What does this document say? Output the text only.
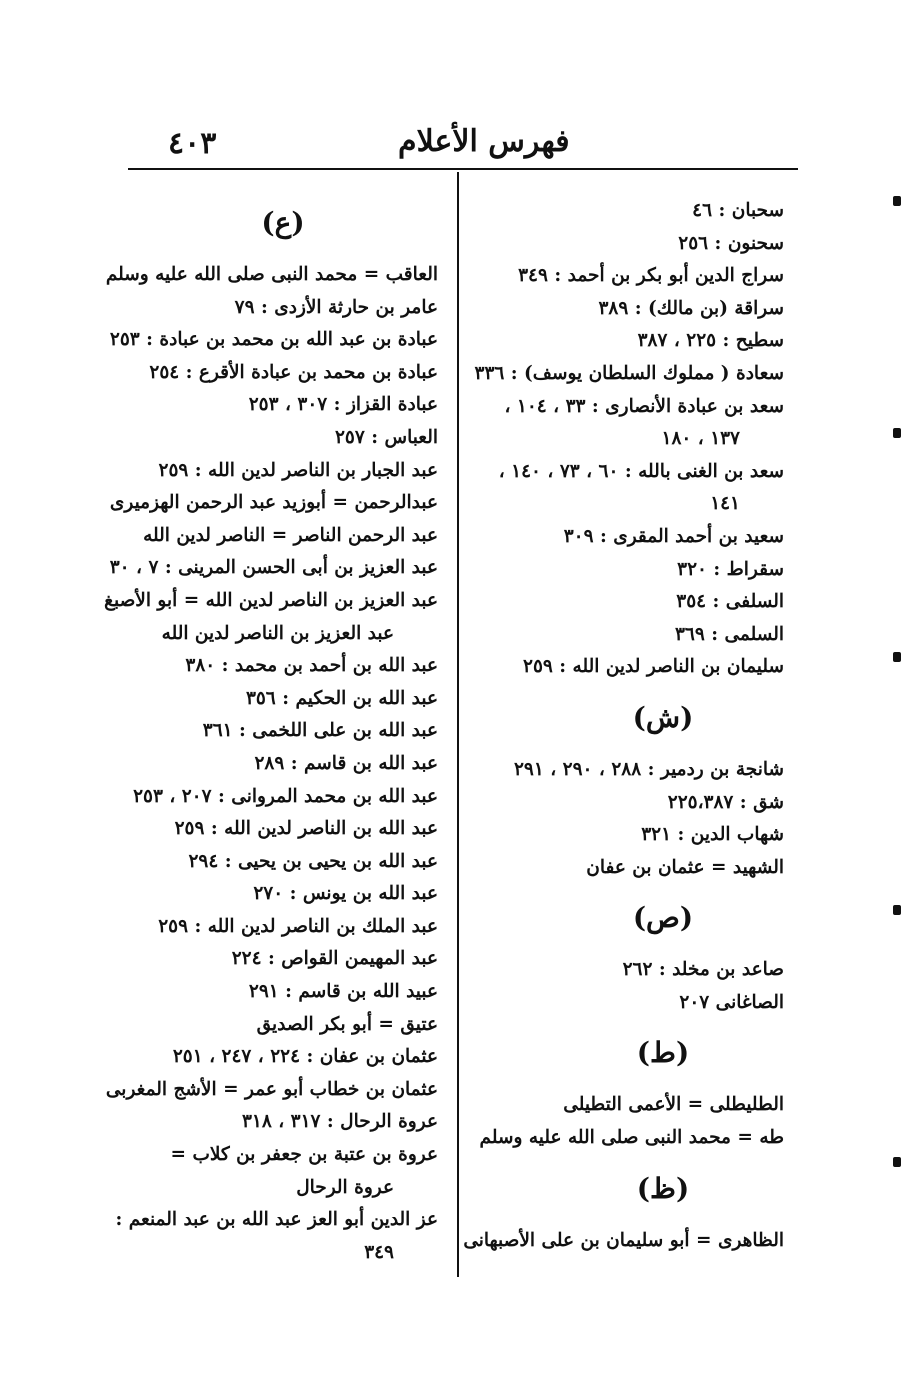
٤٠٣	فهرس الأعلام
سحبان : ٤٦
سحنون : ٢٥٦
سراج الدين أبو بكر بن أحمد : ٣٤٩
سراقة (بن مالك) : ٣٨٩
سطيح : ٢٢٥ ، ٣٨٧
سعادة ( مملوك السلطان يوسف) : ٣٣٦
سعد بن عبادة الأنصارى : ٣٣ ، ١٠٤ ،
١٣٧ ، ١٨٠
سعد بن الغنى بالله : ٦٠ ، ٧٣ ، ١٤٠ ،
١٤١
سعيد بن أحمد المقرى : ٣٠٩
سقراط : ٣٢٠
السلفى : ٣٥٤
السلمى : ٣٦٩
سليمان بن الناصر لدين الله : ٢٥٩
(ش)
شانجة بن ردمير : ٢٨٨ ، ٢٩٠ ، ٢٩١
شق : ٢٢٥،٣٨٧
شهاب الدين : ٣٢١
الشهيد = عثمان بن عفان
(ص)
صاعد بن مخلد : ٢٦٢
الصاغانى ٢٠٧
(ط)
الطليطلى = الأعمى التطيلى
طه = محمد النبى صلى الله عليه وسلم
(ظ)
الظاهرى = أبو سليمان بن على الأصبهانى
(ع)
العاقب = محمد النبى صلى الله عليه وسلم
عامر بن حارثة الأزدى : ٧٩
عبادة بن عبد الله بن محمد بن عبادة : ٢٥٣
عبادة بن محمد بن عبادة الأقرع : ٢٥٤
عبادة القزاز : ٣٠٧ ، ٢٥٣
العباس : ٢٥٧
عبد الجبار بن الناصر لدين الله : ٢٥٩
عبدالرحمن = أبوزيد عبد الرحمن الهزميرى
عبد الرحمن الناصر = الناصر لدين الله
عبد العزيز بن أبى الحسن المرينى : ٧ ، ٣٠
عبد العزيز بن الناصر لدين الله = أبو الأصبغ
عبد العزيز بن الناصر لدين الله
عبد الله بن أحمد بن محمد : ٣٨٠
عبد الله بن الحكيم : ٣٥٦
عبد الله بن على اللخمى : ٣٦١
عبد الله بن قاسم : ٢٨٩
عبد الله بن محمد المروانى : ٢٠٧ ، ٢٥٣
عبد الله بن الناصر لدين الله : ٢٥٩
عبد الله بن يحيى بن يحيى : ٢٩٤
عبد الله بن يونس : ٢٧٠
عبد الملك بن الناصر لدين الله : ٢٥٩
عبد المهيمن القواص : ٢٢٤
عبيد الله بن قاسم : ٢٩١
عتيق = أبو بكر الصديق
عثمان بن عفان : ٢٢٤ ، ٢٤٧ ، ٢٥١
عثمان بن خطاب أبو عمر = الأشج المغربى
عروة الرحال : ٣١٧ ، ٣١٨
عروة بن عتبة بن جعفر بن كلاب =
عروة الرحال
عز الدين أبو العز عبد الله بن عبد المنعم :
٣٤٩
